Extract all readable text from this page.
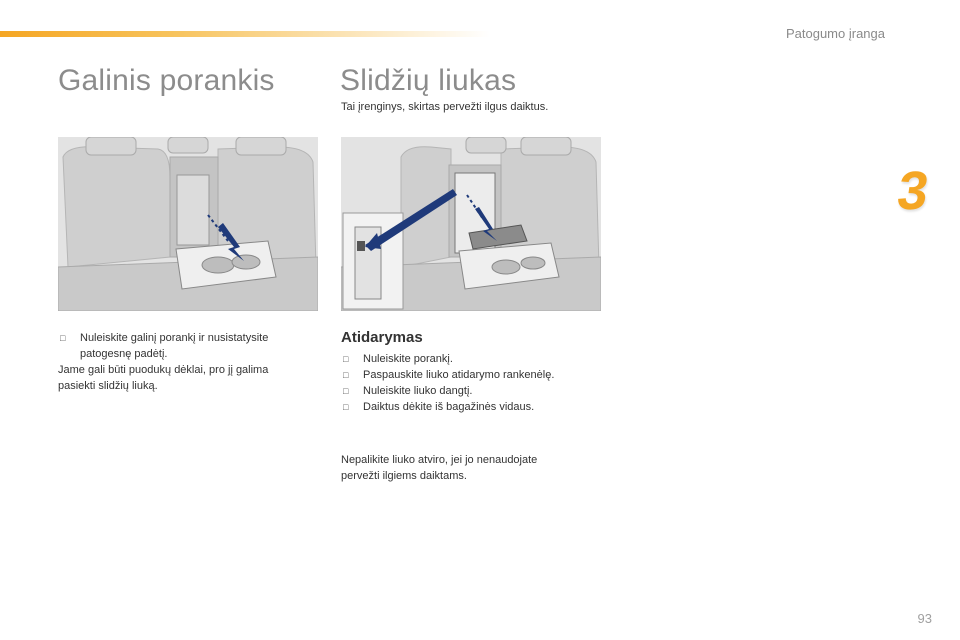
Patogumo įranga
3
Galinis porankis
□	Nuleiskite galinį porankį ir nusistatysite patogesnę padėtį.
Jame gali būti puodukų dėklai, pro jį galima
pasiekti slidžių liuką.
Slidžių liukas
Tai įrenginys, skirtas pervežti ilgus daiktus.
Atidarymas
□	Nuleiskite porankį.
□	Paspauskite liuko atidarymo rankenėlę.
□	Nuleiskite liuko dangtį.
□	Daiktus dėkite iš bagažinės vidaus.
Nepalikite liuko atviro, jei jo nenaudojate
pervežti ilgiems daiktams.
93
